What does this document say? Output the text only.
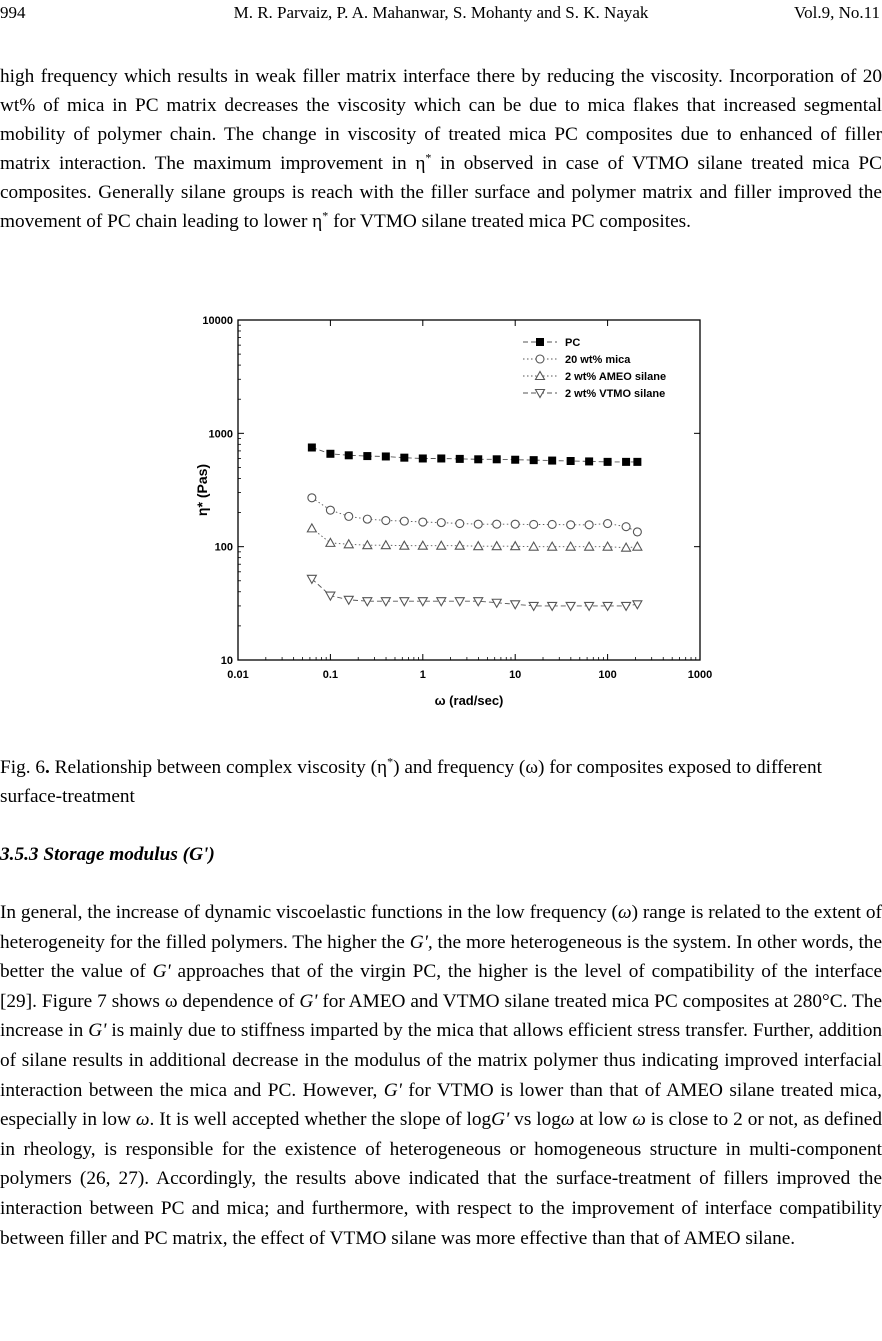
994	M. R. Parvaiz, P. A. Mahanwar, S. Mohanty and S. K. Nayak	Vol.9, No.11

high frequency which results in weak filler matrix interface there by reducing the viscosity. Incorporation of 20 wt% of mica in PC matrix decreases the viscosity which can be due to mica flakes that increased segmental mobility of polymer chain. The change in viscosity of treated mica PC composites due to enhanced of filler matrix interaction. The maximum improvement in η* in observed in case of VTMO silane treated mica PC composites. Generally silane groups is reach with the filler surface and polymer matrix and filler improved the movement of PC chain leading to lower η* for VTMO silane treated mica PC composites.

0.01	0.1	1	10	100	1000
10
100
1000
10000
ω (rad/sec)
η* (Pas)
PC
20 wt% mica
2 wt% AMEO silane
2 wt% VTMO silane

Fig. 6. Relationship between complex viscosity (η*) and frequency (ω) for composites exposed to different surface-treatment

3.5.3 Storage modulus (G')

In general, the increase of dynamic viscoelastic functions in the low frequency (ω) range is related to the extent of heterogeneity for the filled polymers. The higher the G', the more heterogeneous is the system. In other words, the better the value of G' approaches that of the virgin PC, the higher is the level of compatibility of the interface [29]. Figure 7 shows ω dependence of G' for AMEO and VTMO silane treated mica PC composites at 280°C. The increase in G' is mainly due to stiffness imparted by the mica that allows efficient stress transfer. Further, addition of silane results in additional decrease in the modulus of the matrix polymer thus indicating improved interfacial interaction between the mica and PC. However, G' for VTMO is lower than that of AMEO silane treated mica, especially in low ω. It is well accepted whether the slope of logG' vs logω at low ω is close to 2 or not, as defined in rheology, is responsible for the existence of heterogeneous or homogeneous structure in multi-component polymers (26, 27). Accordingly, the results above indicated that the surface-treatment of fillers improved the interaction between PC and mica; and furthermore, with respect to the improvement of interface compatibility between filler and PC matrix, the effect of VTMO silane was more effective than that of AMEO silane.
